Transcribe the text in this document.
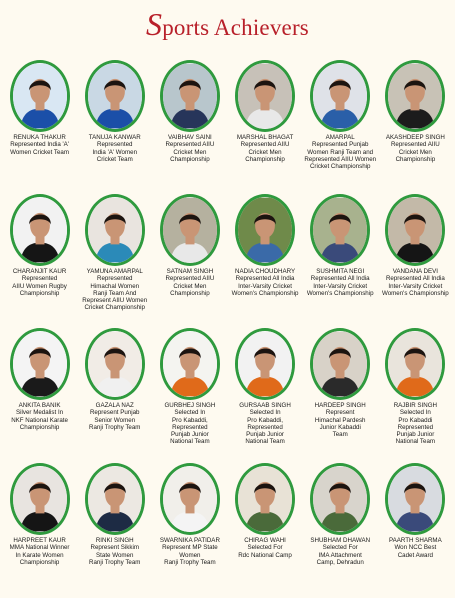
Sports Achievers
RENUKA THAKUR
Represented India 'A'
Women Cricket Team
TANUJA KANWAR
Represented
India 'A' Women
Cricket Team
VAIBHAV SAINI
Represented AIIU
Cricket Men
Championship
MARSHAL BHAGAT
Represented AIIU
Cricket Men
Championship
AMARPAL
Represented Punjab
Women Ranji Team and
Represented AIIU Women
Cricket Championship
AKASHDEEP SINGH
Represented AIIU
Cricket Men
Championship
CHARANJIT KAUR
Represented
AIIU Women Rugby
Championship
YAMUNA AMARPAL
Represented
Himachal Women
Ranji Team And
Represent AIIU Women
Cricket Championship
SATNAM SINGH
Represented AIIU
Cricket Men
Championship
NADIA CHOUDHARY
Represented All India
Inter-Varsity Cricket
Women's Championship
SUSHMITA NEGI
Represented All India
Inter-Varsity Cricket
Women's Championship
VANDANA DEVI
Represented All India
Inter-Varsity Cricket
Women's Championship
ANKITA BANIK
Silver Medalist In
NKF National Karate
Championship
GAZALA NAZ
Represent Punjab
Senior Women
Ranji Trophy Team
GURBHEJ SINGH
Selected In
Pro Kabaddi,
Represented
Punjab Junior
National Team
GURSAAB SINGH
Selected In
Pro Kabaddi,
Represented
Punjab Junior
National Team
HARDEEP SINGH
Represent
Himachal Pardesh
Junior Kabaddi
Team
RAJBIR SINGH
Selected In
Pro Kabaddi
Represented
Punjab Junior
National Team
HARPREET KAUR
MMA National Winner
In Karate Women
Championship
RINKI SINGH
Represent Sikkim
State Women
Ranji Trophy Team
SWARNIKA PATIDAR
Represent MP State
Women
Ranji Trophy Team
CHIRAG WAHI
Selected For
Rdc National Camp
SHUBHAM DHAWAN
Selected For
IMA Attachment
Camp, Dehradun
PAARTH SHARMA
Won NCC Best
Cadet Award
